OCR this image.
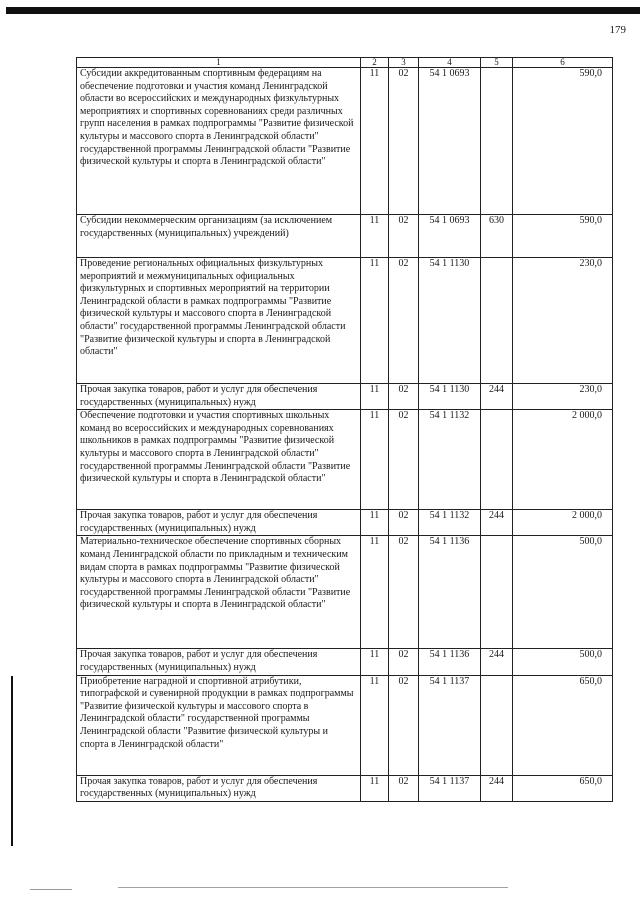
179
1	2	3	4	5	6
Субсидии аккредитованным спортивным федерациям на обеспечение подготовки и участия команд Ленинградской области во всероссийских и международных физкультурных мероприятиях и спортивных соревнованиях среди различных групп населения в рамках подпрограммы "Развитие физической культуры и массового спорта в Ленинградской области" государственной программы Ленинградской области "Развитие физической культуры и спорта в Ленинградской области"	11	02	54 1 0693		590,0
Субсидии некоммерческим организациям (за исключением государственных (муниципальных) учреждений)	11	02	54 1 0693	630	590,0
Проведение региональных официальных физкультурных мероприятий и межмуниципальных официальных физкультурных и спортивных мероприятий на территории Ленинградской области в рамках подпрограммы "Развитие физической культуры и массового спорта в Ленинградской области" государственной программы Ленинградской области "Развитие физической культуры и спорта в Ленинградской области"	11	02	54 1 1130		230,0
Прочая закупка товаров, работ и услуг для обеспечения государственных (муниципальных) нужд	11	02	54 1 1130	244	230,0
Обеспечение подготовки и участия спортивных школьных команд во всероссийских и международных соревнованиях школьников в рамках подпрограммы "Развитие физической культуры и массового спорта в Ленинградской области" государственной программы Ленинградской области "Развитие физической культуры и спорта в Ленинградской области"	11	02	54 1 1132		2 000,0
Прочая закупка товаров, работ и услуг для обеспечения государственных (муниципальных) нужд	11	02	54 1 1132	244	2 000,0
Материально-техническое обеспечение спортивных сборных команд Ленинградской области по прикладным и техническим видам спорта в рамках подпрограммы "Развитие физической культуры и массового спорта в Ленинградской области" государственной программы Ленинградской области "Развитие физической культуры и спорта в Ленинградской области"	11	02	54 1 1136		500,0
Прочая закупка товаров, работ и услуг для обеспечения государственных (муниципальных) нужд	11	02	54 1 1136	244	500,0
Приобретение наградной и спортивной атрибутики, типографской и сувенирной продукции в рамках подпрограммы "Развитие физической культуры и массового спорта в Ленинградской области" государственной программы Ленинградской области "Развитие физической культуры и спорта в Ленинградской области"	11	02	54 1 1137		650,0
Прочая закупка товаров, работ и услуг для обеспечения государственных (муниципальных) нужд	11	02	54 1 1137	244	650,0
